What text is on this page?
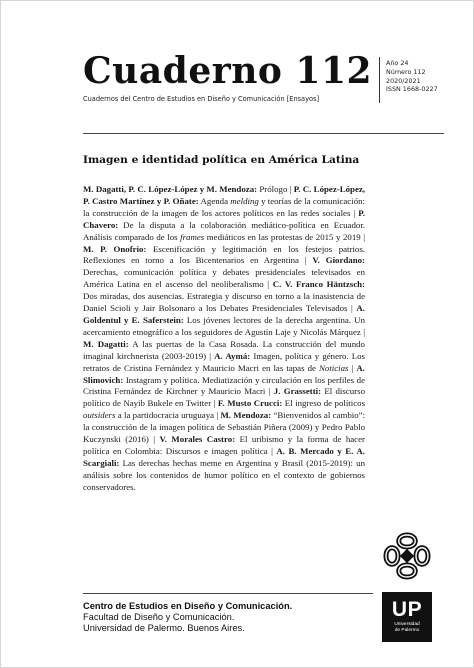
Cuaderno 112
Cuadernos del Centro de Estudios en Diseño y Comunicación [Ensayos]
Año 24
Número 112
2020/2021
ISSN 1668-0227
Imagen e identidad política en América Latina
M. Dagatti, P. C. López-López y M. Mendoza: Prólogo | P. C. López-López, P. Castro Martínez y P. Oñate: Agenda melding y teorías de la comunicación: la construcción de la imagen de los actores políticos en las redes sociales | P. Chavero: De la disputa a la colaboración mediático-política en Ecuador. Análisis comparado de los frames mediáticos en las protestas de 2015 y 2019 | M. P. Onofrio: Escenificación y legitimación en los festejos patrios. Reflexiones en torno a los Bicentenarios en Argentina | V. Giordano: Derechas, comunicación política y debates presidenciales televisados en América Latina en el ascenso del neoliberalismo | C. V. Franco Häntzsch: Dos miradas, dos ausencias. Estrategia y discurso en torno a la inasistencia de Daniel Scioli y Jair Bolsonaro a los Debates Presidenciales Televisados | A. Goldentul y E. Saferstein: Los jóvenes lectores de la derecha argentina. Un acercamiento etnográfico a los seguidores de Agustín Laje y Nicolás Márquez | M. Dagatti: A las puertas de la Casa Rosada. La construcción del mundo imaginal kirchnerista (2003-2019) | A. Aymá: Imagen, política y género. Los retratos de Cristina Fernández y Mauricio Macri en las tapas de Noticias | A. Slimovich: Instagram y política. Mediatización y circulación en los perfiles de Cristina Fernández de Kirchner y Mauricio Macri | J. Grassetti: El discurso político de Nayib Bukele en Twitter | F. Musto Crucci: El ingreso de políticos outsiders a la partidocracia uruguaya | M. Mendoza: “Bienvenidos al cambio”: la construcción de la imagen política de Sebastián Piñera (2009) y Pedro Pablo Kuczynski (2016) | V. Morales Castro: El uribismo y la forma de hacer política en Colombia: Discursos e imagen política | A. B. Mercado y E. A. Scargiali: Las derechas hechas meme en Argentina y Brasil (2015-2019): un análisis sobre los contenidos de humor político en el contexto de gobiernos conservadores.
Centro de Estudios en Diseño y Comunicación.
Facultad de Diseño y Comunicación.
Universidad de Palermo. Buenos Aires.
UP
Universidad
de Palermo
